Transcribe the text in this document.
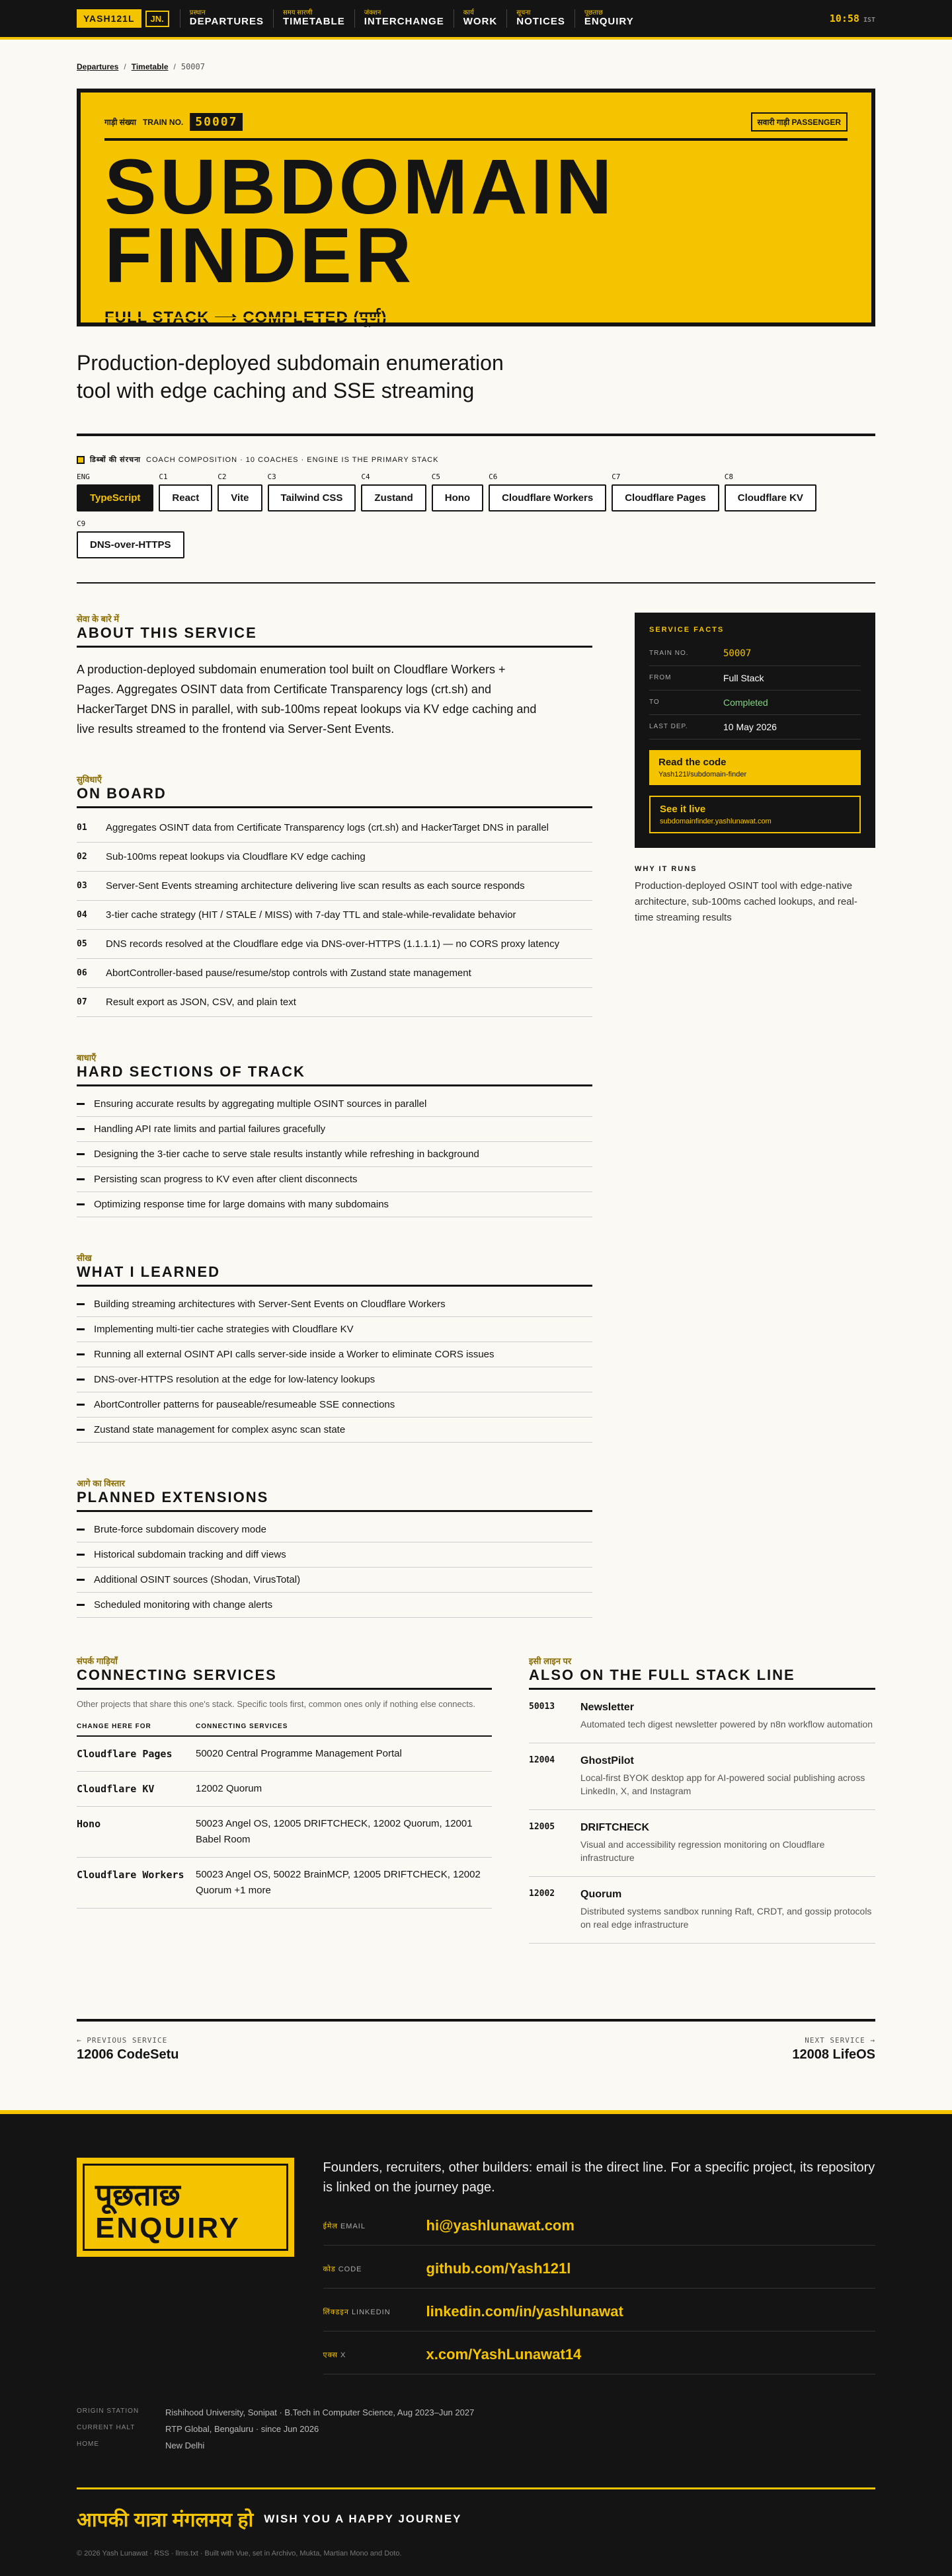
YASH121L	JN.
प्रस्थान
DEPARTURES
समय सारणी
TIMETABLE
जंक्शन
INTERCHANGE
कार्य
WORK
सूचना
NOTICES
पूछताछ
ENQUIRY	10:58 IST
Departures / Timetable / 50007
गाड़ी संख्या TRAIN NO.	50007	सवारी गाड़ी PASSENGER
SUBDOMAIN
FINDER
FULL STACK ⟶ COMPLETED (पूर्ण)
Production-deployed subdomain enumeration tool with edge caching and SSE streaming
डिब्बों की संरचना COACH COMPOSITION · 10 COACHES · ENGINE IS THE PRIMARY STACK
ENG
TypeScript
C1
React
C2
Vite
C3
Tailwind CSS
C4
Zustand
C5
Hono
C6
Cloudflare Workers
C7
Cloudflare Pages
C8
Cloudflare KV
C9
DNS-over-HTTPS
सेवा के बारे में
ABOUT THIS SERVICE

A production-deployed subdomain enumeration tool built on Cloudflare Workers + Pages. Aggregates OSINT data from Certificate Transparency logs (crt.sh) and HackerTarget DNS in parallel, with sub-100ms repeat lookups via KV edge caching and live results streamed to the frontend via Server-Sent Events.

सुविधाएँ
ON BOARD
01 Aggregates OSINT data from Certificate Transparency logs (crt.sh) and HackerTarget DNS in parallel
02 Sub-100ms repeat lookups via Cloudflare KV edge caching
03 Server-Sent Events streaming architecture delivering live scan results as each source responds
04 3-tier cache strategy (HIT / STALE / MISS) with 7-day TTL and stale-while-revalidate behavior
05 DNS records resolved at the Cloudflare edge via DNS-over-HTTPS (1.1.1.1) — no CORS proxy latency
06 AbortController-based pause/resume/stop controls with Zustand state management
07 Result export as JSON, CSV, and plain text
बाधाएँ
HARD SECTIONS OF TRACK
Ensuring accurate results by aggregating multiple OSINT sources in parallel
Handling API rate limits and partial failures gracefully
Designing the 3-tier cache to serve stale results instantly while refreshing in background
Persisting scan progress to KV even after client disconnects
Optimizing response time for large domains with many subdomains
सीख
WHAT I LEARNED
Building streaming architectures with Server-Sent Events on Cloudflare Workers
Implementing multi-tier cache strategies with Cloudflare KV
Running all external OSINT API calls server-side inside a Worker to eliminate CORS issues
DNS-over-HTTPS resolution at the edge for low-latency lookups
AbortController patterns for pauseable/resumeable SSE connections
Zustand state management for complex async scan state
आगे का विस्तार
PLANNED EXTENSIONS
Brute-force subdomain discovery mode
Historical subdomain tracking and diff views
Additional OSINT sources (Shodan, VirusTotal)
Scheduled monitoring with change alerts
SERVICE FACTS
TRAIN NO.	50007
FROM	Full Stack
TO	Completed
LAST DEP.	10 May 2026
Read the code
Yash121l/subdomain-finder
See it live
subdomainfinder.yashlunawat.com
WHY IT RUNS

Production-deployed OSINT tool with edge-native architecture, sub-100ms cached lookups, and real-time streaming results

संपर्क गाड़ियाँ
CONNECTING SERVICES
Other projects that share this one's stack. Specific tools first, common ones only if nothing else connects.
CHANGE HERE FOR	CONNECTING SERVICES
Cloudflare Pages	50020 Central Programme Management Portal
Cloudflare KV	12002 Quorum
Hono	50023 Angel OS, 12005 DRIFTCHECK, 12002 Quorum, 12001 Babel Room
Cloudflare Workers	50023 Angel OS, 50022 BrainMCP, 12005 DRIFTCHECK, 12002 Quorum +1 more
इसी लाइन पर
ALSO ON THE FULL STACK LINE
50013 Newsletter
Automated tech digest newsletter powered by n8n workflow automation
12004 GhostPilot
Local-first BYOK desktop app for AI-powered social publishing across LinkedIn, X, and Instagram
12005 DRIFTCHECK
Visual and accessibility regression monitoring on Cloudflare infrastructure
12002 Quorum
Distributed systems sandbox running Raft, CRDT, and gossip protocols on real edge infrastructure
← PREVIOUS SERVICE
12006 CodeSetu
NEXT SERVICE →
12008 LifeOS
पूछताछ
ENQUIRY

Founders, recruiters, other builders: email is the direct line. For a specific project, its repository is linked on the journey page.

ईमेल EMAIL	hi@yashlunawat.com
कोड CODE	github.com/Yash121l
लिंक्डइन LINKEDIN	linkedin.com/in/yashlunawat
एक्स X	x.com/YashLunawat14
ORIGIN STATION	Rishihood University, Sonipat · B.Tech in Computer Science, Aug 2023–Jun 2027
CURRENT HALT	RTP Global, Bengaluru · since Jun 2026
HOME	New Delhi
आपकी यात्रा मंगलमय हो WISH YOU A HAPPY JOURNEY
© 2026 Yash Lunawat · RSS · llms.txt · Built with Vue, set in Archivo, Mukta, Martian Mono and Doto.
